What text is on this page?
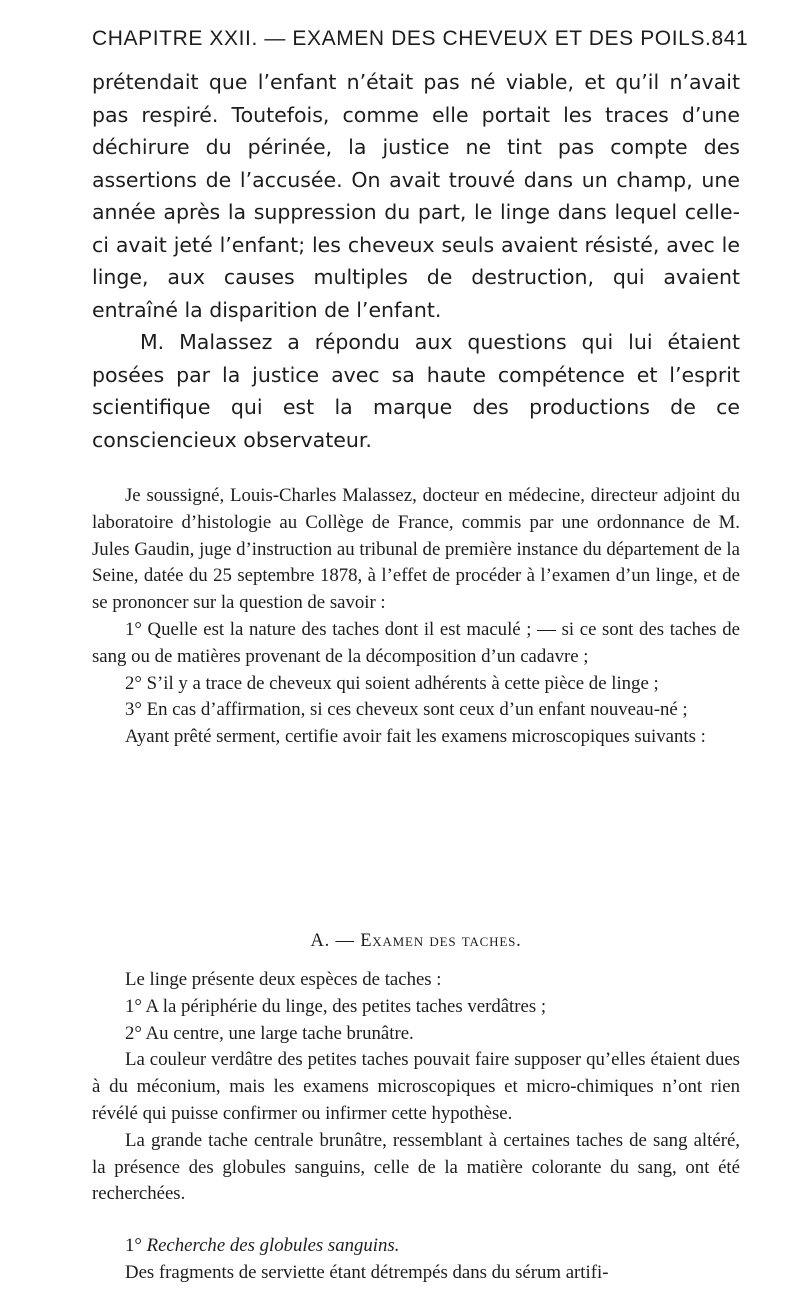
CHAPITRE XXII. — EXAMEN DES CHEVEUX ET DES POILS. 841

prétendait que l’enfant n’était pas né viable, et qu’il n’avait pas respiré. Toutefois, comme elle portait les traces d’une déchirure du périnée, la justice ne tint pas compte des assertions de l’accusée. On avait trouvé dans un champ, une année après la suppression du part, le linge dans lequel celle-ci avait jeté l’enfant; les cheveux seuls avaient résisté, avec le linge, aux causes multiples de destruction, qui avaient entraîné la disparition de l’enfant.

M. Malassez a répondu aux questions qui lui étaient posées par la justice avec sa haute compétence et l’esprit scientifique qui est la marque des productions de ce consciencieux observateur.

Je soussigné, Louis-Charles Malassez, docteur en médecine, directeur adjoint du laboratoire d’histologie au Collège de France, commis par une ordonnance de M. Jules Gaudin, juge d’instruction au tribunal de première instance du département de la Seine, datée du 25 septembre 1878, à l’effet de procéder à l’examen d’un linge, et de se prononcer sur la question de savoir :

1° Quelle est la nature des taches dont il est maculé ; — si ce sont des taches de sang ou de matières provenant de la décomposition d’un cadavre ;

2° S’il y a trace de cheveux qui soient adhérents à cette pièce de linge ;

3° En cas d’affirmation, si ces cheveux sont ceux d’un enfant nouveau-né ;

Ayant prêté serment, certifie avoir fait les examens microscopiques suivants :

A. — Examen des taches.

Le linge présente deux espèces de taches :

1° A la périphérie du linge, des petites taches verdâtres ;

2° Au centre, une large tache brunâtre.

La couleur verdâtre des petites taches pouvait faire supposer qu’elles étaient dues à du méconium, mais les examens microscopiques et micro-chimiques n’ont rien révélé qui puisse confirmer ou infirmer cette hypothèse.

La grande tache centrale brunâtre, ressemblant à certaines taches de sang altéré, la présence des globules sanguins, celle de la matière colorante du sang, ont été recherchées.

1° Recherche des globules sanguins.

Des fragments de serviette étant détrempés dans du sérum artifi-
